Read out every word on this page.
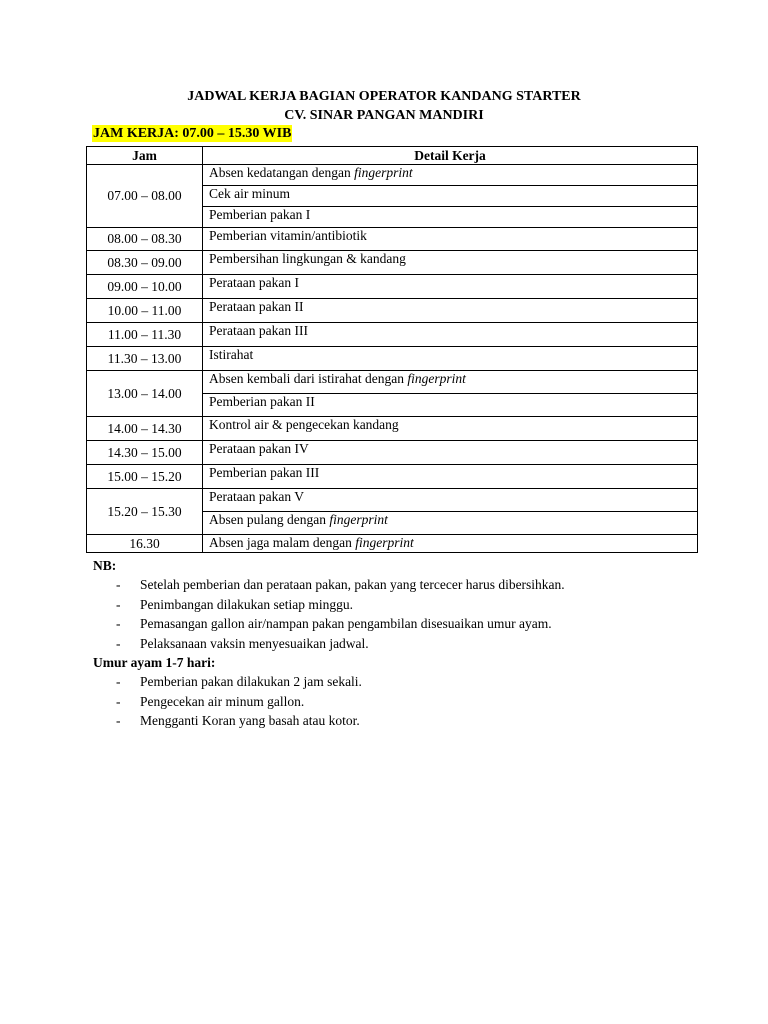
JADWAL KERJA BAGIAN OPERATOR KANDANG STARTER
CV. SINAR PANGAN MANDIRI
JAM KERJA: 07.00 – 15.30 WIB
Jam	Detail Kerja
07.00 – 08.00	Absen kedatangan dengan fingerprint
	Cek air minum
	Pemberian pakan I
08.00 – 08.30	Pemberian vitamin/antibiotik
08.30 – 09.00	Pembersihan lingkungan & kandang
09.00 – 10.00	Perataan pakan I
10.00 – 11.00	Perataan pakan II
11.00 – 11.30	Perataan pakan III
11.30 – 13.00	Istirahat
13.00 – 14.00	Absen kembali dari istirahat dengan fingerprint
	Pemberian pakan II
14.00 – 14.30	Kontrol air & pengecekan kandang
14.30 – 15.00	Perataan pakan IV
15.00 – 15.20	Pemberian pakan III
15.20 – 15.30	Perataan pakan V
	Absen pulang dengan fingerprint
16.30	Absen jaga malam dengan fingerprint
NB:
- Setelah pemberian dan perataan pakan, pakan yang tercecer harus dibersihkan.
- Penimbangan dilakukan setiap minggu.
- Pemasangan gallon air/nampan pakan pengambilan disesuaikan umur ayam.
- Pelaksanaan vaksin menyesuaikan jadwal.
Umur ayam 1-7 hari:
- Pemberian pakan dilakukan 2 jam sekali.
- Pengecekan air minum gallon.
- Mengganti Koran yang basah atau kotor.
